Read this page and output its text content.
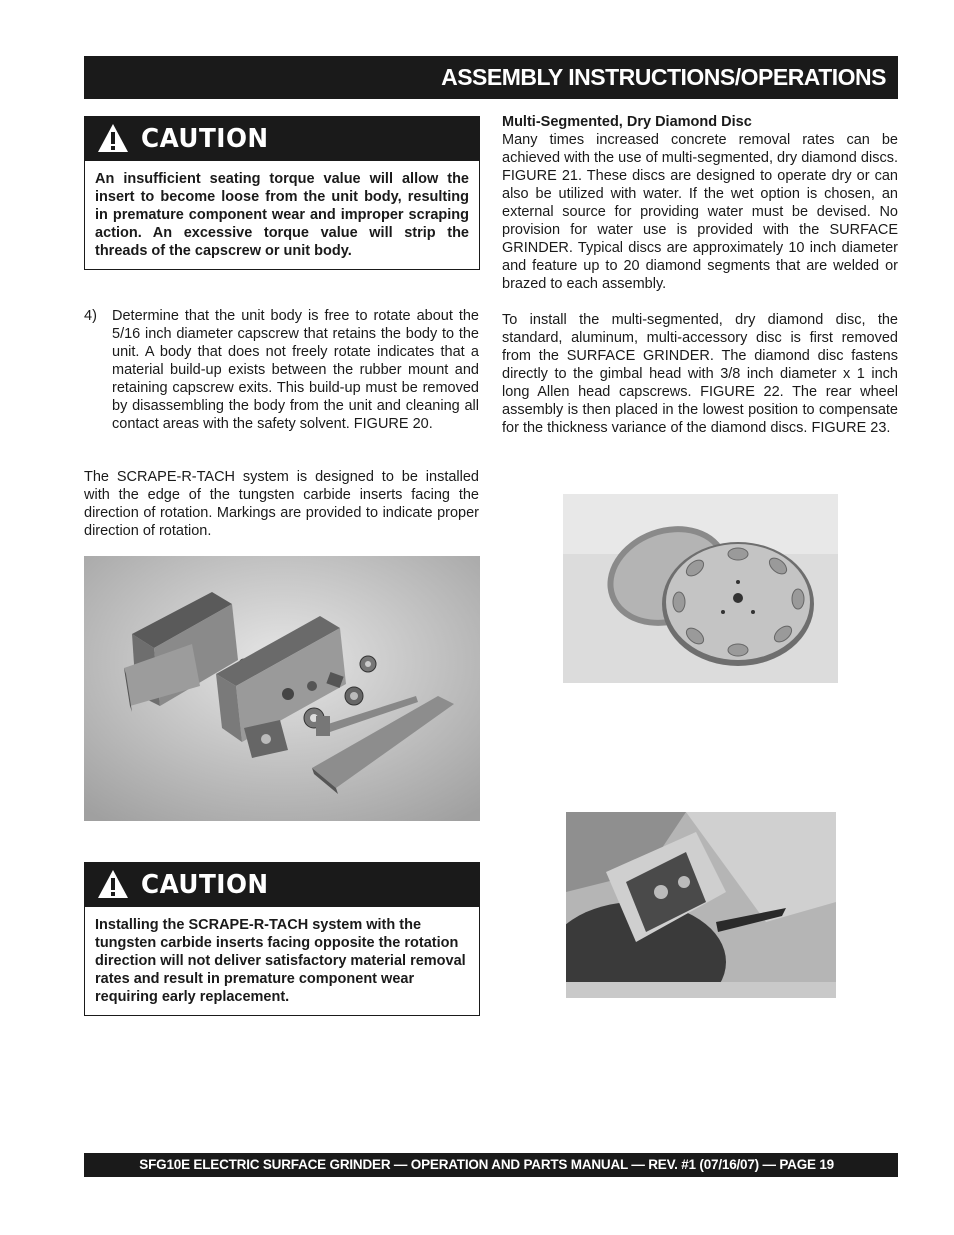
ASSEMBLY INSTRUCTIONS/OPERATIONS
CAUTION
An insufficient seating torque value will allow the insert to become loose from the unit body, resulting in premature component wear and improper scraping action. An excessive torque value will strip the threads of the capscrew or unit body.
4) Determine that the unit body is free to rotate about the 5/16 inch diameter capscrew that retains the body to the unit. A body that does not freely rotate indicates that a material build-up exists between the rubber mount and retaining capscrew exits. This build-up must be removed by disassembling the body from the unit and cleaning all contact areas with the safety solvent. FIGURE 20.
The SCRAPE-R-TACH system is designed to be installed with the edge of the tungsten carbide inserts facing the direction of rotation. Markings are provided to indicate proper direction of rotation.
CAUTION
Installing the SCRAPE-R-TACH system with the tungsten carbide inserts facing opposite the rotation direction will not deliver satisfactory material removal rates and result in premature component wear requiring early replacement.
Multi-Segmented, Dry Diamond Disc
Many times increased concrete removal rates can be achieved with the use of multi-segmented, dry diamond discs. FIGURE 21. These discs are designed to operate dry or can also be utilized with water. If the wet option is chosen, an external source for providing water must be devised. No provision for water use is provided with the SURFACE GRINDER. Typical discs are approximately 10 inch diameter and feature up to 20 diamond segments that are welded or brazed to each assembly.
To install the multi-segmented, dry diamond disc, the standard, aluminum, multi-accessory disc is first removed from the SURFACE GRINDER. The diamond disc fastens directly to the gimbal head with 3/8 inch diameter x 1 inch long Allen head capscrews. FIGURE 22. The rear wheel assembly is then placed in the lowest position to compensate for the thickness variance of the diamond discs. FIGURE 23.
SFG10E ELECTRIC SURFACE GRINDER — OPERATION AND PARTS MANUAL — REV. #1 (07/16/07) — PAGE 19
